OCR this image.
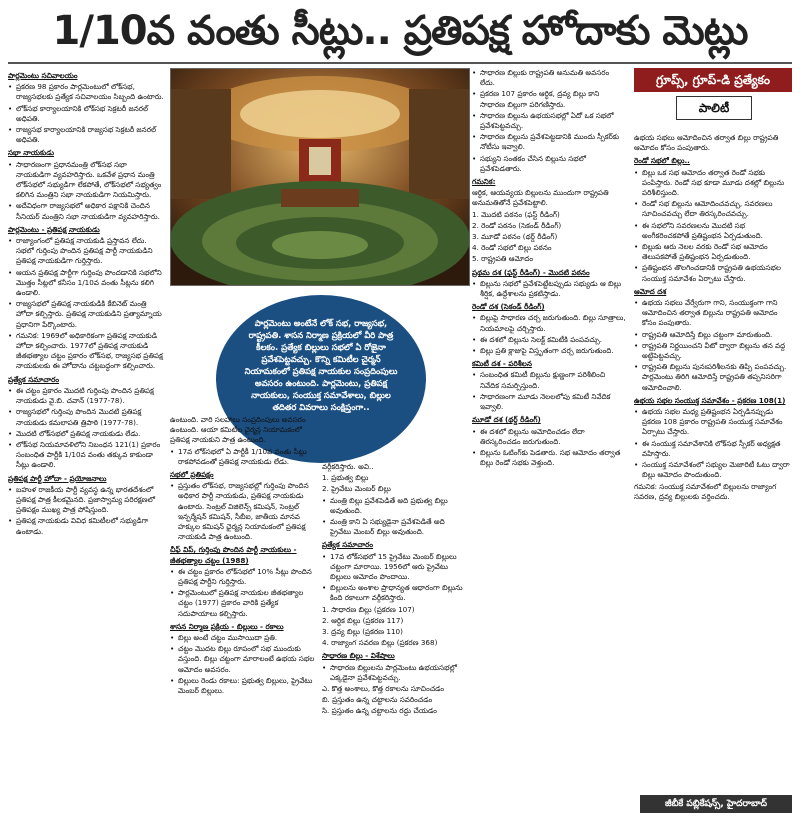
1/10వ వంతు సీట్లు.. ప్రతిపక్ష హోదాకు మెట్లు

పార్లమెంటు సచివాలయం

• ప్రకరణ 98 ప్రకారం పార్లమెంటులో లోక్‌సభ, రాజ్యసభలకు ప్రత్యేక సచివాలయం సిబ్బంది ఉంటారు.

• లోక్‌సభ కార్యాలయానికి లోక్‌సభ సెక్రటరీ జనరల్ అధిపతి.

• రాజ్యసభ కార్యాలయానికి రాజ్యసభ సెక్రటరీ జనరల్ అధిపతి.

సభా నాయకుడు

• సాధారణంగా ప్రధానమంత్రి లోక్‌సభ సభా నాయకుడిగా వ్యవహరిస్తారు. ఒకవేళ ప్రధాన మంత్రి లోక్‌సభలో సభ్యుడిగా లేకపోతే, లోక్‌సభలో సభ్యత్వం కలిగిన మంత్రిని సభా నాయకుడిగా నియమిస్తారు.

• అదేవిధంగా రాజ్యసభలో అధికార పక్షానికి చెందిన సీనియర్ మంత్రిని సభా నాయకుడిగా వ్యవహరిస్తారు.

పార్లమెంటు - ప్రతిపక్ష నాయకుడు

• రాజ్యాంగంలో ప్రతిపక్ష నాయకుడి ప్రస్తావన లేదు. సభలో గుర్తింపు పొందిన ప్రతిపక్ష పార్టీ నాయకుడిని ప్రతిపక్ష నాయకుడిగా గుర్తిస్తారు.

• ఆయన ప్రతిపక్ష పార్టీగా గుర్తింపు పొందడానికి సభలోని మొత్తం సీట్లలో కనీసం 1/10వ వంతు సీట్లను కలిగి ఉండాలి.

• రాజ్యసభలో ప్రతిపక్ష నాయకుడికి కేబినెట్ మంత్రి హోదా కల్పిస్తారు. ప్రతిపక్ష నాయకుడిని ప్రత్యామ్నాయ ప్రధానిగా పేర్కొంటారు.

• గమనిక: 1969లో అధికారికంగా ప్రతిపక్ష నాయకుడి హోదా కల్పించారు. 1977లో ప్రతిపక్ష నాయకుడి జీతభత్యాల చట్టం ప్రకారం లోక్‌సభ, రాజ్యసభ ప్రతిపక్ష నాయకులకు ఈ హోదాను చట్టబద్ధంగా కల్పించారు.

ప్రత్యేక సమాచారం

• ఈ చట్టం ప్రకారం మొదటి గుర్తింపు పొందిన ప్రతిపక్ష నాయకుడు వై.బి. చవాన్ (1977-78).

• రాజ్యసభలో గుర్తింపు పొందిన మొదటి ప్రతిపక్ష నాయకుడు కమలాపతి త్రిపాఠి (1977-78).

• మొదటి లోక్‌సభలో ప్రతిపక్ష నాయకుడు లేడు.

• లోక్‌సభ నియమావళిలోని నిబంధన 121(1) ప్రకారం సంబంధిత పార్టీకి 1/10వ వంతు తక్కువ కాకుండా సీట్లు ఉండాలి.

ప్రతిపక్ష పార్టీ హోదా - ప్రయోజనాలు

• బహుళ రాజకీయ పార్టీ వ్యవస్థ ఉన్న భారతదేశంలో ప్రతిపక్ష పాత్ర కీలకమైనది. ప్రజాస్వామ్య పరిరక్షణలో ప్రతిపక్షం ముఖ్య పాత్ర పోషిస్తుంది.

• ప్రతిపక్ష నాయకుడు వివిధ కమిటీలలో సభ్యుడిగా ఉంటాడు.

పార్లమెంటు అంటేనే లోక్ సభ, రాజ్యసభ, రాష్ట్రపతి. శాసన నిర్మాణ ప్రక్రియలో వీరి పాత్ర కీలకం. ప్రత్యేక బిల్లులు సభలో ఏ రోజైనా ప్రవేశపెట్టవచ్చు. కొన్ని కమిటీల చైర్మన్ నియామకంలో ప్రతిపక్ష నాయకుల సంప్రదింపులు అవసరం ఉంటుంది. పార్లమెంటు, ప్రతిపక్ష నాయకులు, సంయుక్త సమావేశాలు, బిల్లుల తదితర వివరాలు సంక్షిప్తంగా..

ఉంటుంది. వారి సలహాలు సంప్రదింపులు అవసరం ఉంటుంది. ఆయా కమిటీల చైర్మన్ల నియామకంలో ప్రతిపక్ష నాయకుని పాత్ర ఉంటుంది.

• 17వ లోక్‌సభలో ఏ పార్టీకీ 1/10వ వంతు సీట్లు రాకపోవడంతో ప్రతిపక్ష నాయకుడు లేడు.

సభలో ప్రతిపక్షం

• ప్రస్తుతం లోక్‌సభ, రాజ్యసభల్లో గుర్తింపు పొందిన అధికార పార్టీ నాయకుడు, ప్రతిపక్ష నాయకుడు ఉంటారు. సెంట్రల్ విజిలెన్స్ కమిషన్, సెంట్రల్ ఇన్ఫర్మేషన్ కమిషన్, సీబీఐ, జాతీయ మానవ హక్కుల కమిషన్ ఛైర్మన్ల నియామకంలో ప్రతిపక్ష నాయకుడి పాత్ర ఉంటుంది.

చీఫ్ విప్, గుర్తింపు పొందిన పార్టీ నాయకులు - జీతభత్యాల చట్టం (1988)

• ఈ చట్టం ప్రకారం లోక్‌సభలో 10% సీట్లు పొందిన ప్రతిపక్ష పార్టీని గుర్తిస్తారు.

• పార్లమెంటులో ప్రతిపక్ష నాయకుల జీతభత్యాల చట్టం (1977) ప్రకారం వారికి ప్రత్యేక సదుపాయాలు కల్పిస్తారు.

శాసన నిర్మాణ ప్రక్రియ - బిల్లులు - రకాలు

• బిల్లు అంటే చట్టం ముసాయిదా ప్రతి.

• చట్టం మొదట బిల్లు రూపంలో సభ ముందుకు వస్తుంది. బిల్లు చట్టంగా మారాలంటే ఉభయ సభల ఆమోదం అవసరం.

• బిల్లులు రెండు రకాలు: ప్రభుత్వ బిల్లులు, ప్రైవేటు మెంబర్ బిల్లులు.

వర్గీకరిస్తారు. అవి..

1. ప్రభుత్వ బిల్లు

2. ప్రైవేటు మెంబర్ బిల్లు

• మంత్రి బిల్లు ప్రవేశపెడితే అది ప్రభుత్వ బిల్లు అవుతుంది.

• మంత్రి కాని ఏ సభ్యుడైనా ప్రవేశపెడితే అది ప్రైవేటు మెంబర్ బిల్లు అవుతుంది.

ప్రత్యేక సమాచారం

• 17వ లోక్‌సభలో 15 ప్రైవేటు మెంబర్ బిల్లులు చట్టంగా మారాయి. 1956లో ఆరు ప్రైవేటు బిల్లులు ఆమోదం పొందాయి.

• బిల్లులను అంశాల ప్రాధాన్యత ఆధారంగా బిల్లును కింది రకాలుగా వర్గీకరిస్తారు.

1. సాధారణ బిల్లు (ప్రకరణ 107)

2. ఆర్థిక బిల్లు (ప్రకరణ 117)

3. ద్రవ్య బిల్లు (ప్రకరణ 110)

4. రాజ్యాంగ సవరణ బిల్లు (ప్రకరణ 368)

సాధారణ బిల్లు - విశేషాలు

• సాధారణ బిల్లులను పార్లమెంటు ఉభయసభల్లో ఎక్కడైనా ప్రవేశపెట్టవచ్చు.

ఎ. కొత్త అంశాలు, కొత్త రకాలను సూచించడం

బి. ప్రస్తుతం ఉన్న చట్టాలను సవరించడం

సి. ప్రస్తుతం ఉన్న చట్టాలను రద్దు చేయడం

• సాధారణ బిల్లుకు రాష్ట్రపతి అనుమతి అవసరం లేదు.

• ప్రకరణ 107 ప్రకారం ఆర్థిక, ద్రవ్య బిల్లు కాని సాధారణ బిల్లుగా పరిగణిస్తారు.

• సాధారణ బిల్లును ఉభయసభల్లో ఏదో ఒక సభలో ప్రవేశపెట్టవచ్చు.

• సాధారణ బిల్లును ప్రవేశపెట్టడానికి ముందు స్పీకర్‌కు నోటీసు ఇవ్వాలి.

• సభ్యుని సంతకం చేసిన బిల్లును సభలో ప్రవేశపెడతారు.

గమనిక:

ఆర్థిక, ఆయవ్యయ బిల్లులను ముందుగా రాష్ట్రపతి అనుమతితోనే ప్రవేశపెట్టాలి.

1. మొదటి పఠనం (ఫస్ట్ రీడింగ్)

2. రెండో పఠనం (సెకండ్ రీడింగ్)

3. మూడో పఠనం (థర్డ్ రీడింగ్)

4. రెండో సభలో బిల్లు పఠనం

5. రాష్ట్రపతి ఆమోదం

ప్రథమ దశ (ఫస్ట్ రీడింగ్) - మొదటి పఠనం

• బిల్లును సభలో ప్రవేశపెట్టేటప్పుడు సభ్యుడు ఆ బిల్లు శీర్షిక, ఉద్దేశాలను ప్రకటిస్తాడు.

రెండో దశ (సెకండ్ రీడింగ్)

• బిల్లుపై సాధారణ చర్చ జరుగుతుంది. బిల్లు సూత్రాలు, నియమాలపై చర్చిస్తారు.

• ఈ దశలో బిల్లును సెలక్ట్ కమిటీకి పంపవచ్చు.

• బిల్లు ప్రతి క్లాజుపై విస్తృతంగా చర్చ జరుగుతుంది.

కమిటీ దశ - పరిశీలన

• సంబంధిత కమిటీ బిల్లును క్షుణ్ణంగా పరిశీలించి నివేదిక సమర్పిస్తుంది.

• సాధారణంగా మూడు నెలలలోపు కమిటీ నివేదిక ఇవ్వాలి.

మూడో దశ (థర్డ్ రీడింగ్)

• ఈ దశలో బిల్లును ఆమోదించడం లేదా తిరస్కరించడం జరుగుతుంది.

• బిల్లును ఓటింగ్‌కు పెడతారు. సభ ఆమోదం తర్వాత బిల్లు రెండో సభకు వెళ్తుంది.

గ్రూప్స్, గ్రూప్-డి ప్రత్యేకం
పాలిటీ

ఉభయ సభలు ఆమోదించిన తర్వాత బిల్లు రాష్ట్రపతి ఆమోదం కోసం పంపుతారు.

రెండో సభలో బిల్లు..

• బిల్లు ఒక సభ ఆమోదం తర్వాత రెండో సభకు పంపిస్తారు. రెండో సభ కూడా మూడు దశల్లో బిల్లును పరిశీలిస్తుంది.

• రెండో సభ బిల్లును ఆమోదించవచ్చు, సవరణలు సూచించవచ్చు లేదా తిరస్కరించవచ్చు.

• ఈ సభలోని సవరణలను మొదటి సభ అంగీకరించకపోతే ప్రతిష్టంభన ఏర్పడుతుంది.

• బిల్లుకు ఆరు నెలల వరకు రెండో సభ ఆమోదం తెలుపకపోతే ప్రతిష్టంభన ఏర్పడుతుంది.

• ప్రతిష్టంభన తొలగించడానికి రాష్ట్రపతి ఉభయసభల సంయుక్త సమావేశం ఏర్పాటు చేస్తారు.

ఆమోద దశ

• ఉభయ సభలు వేర్వేరుగా గాని, సంయుక్తంగా గాని ఆమోదించిన తర్వాత బిల్లును రాష్ట్రపతి ఆమోదం కోసం పంపుతారు.

• రాష్ట్రపతి ఆమోదిస్తే బిల్లు చట్టంగా మారుతుంది.

• రాష్ట్రపతి నిర్ణయించని వీటో ద్వారా బిల్లును తన వద్ద అట్టిపెట్టవచ్చు.

• రాష్ట్రపతి బిల్లును పునఃపరిశీలనకు తిప్పి పంపవచ్చు. పార్లమెంటు తిరిగి ఆమోదిస్తే రాష్ట్రపతి తప్పనిసరిగా ఆమోదించాలి.

ఉభయ సభల సంయుక్త సమావేశం - ప్రకరణ 108(1)

• ఉభయ సభల మధ్య ప్రతిష్టంభన ఏర్పడినప్పుడు ప్రకరణ 108 ప్రకారం రాష్ట్రపతి సంయుక్త సమావేశం ఏర్పాటు చేస్తారు.

• ఈ సంయుక్త సమావేశానికి లోక్‌సభ స్పీకర్ అధ్యక్షత వహిస్తారు.

• సంయుక్త సమావేశంలో సభ్యుల మెజారిటీ ఓటు ద్వారా బిల్లు ఆమోదం పొందుతుంది.

గమనిక: సంయుక్త సమావేశంలో బిల్లులను రాజ్యాంగ సవరణ, ద్రవ్య బిల్లులకు వర్తించదు.

జీబీకే పబ్లికేషన్స్, హైదరాబాద్
